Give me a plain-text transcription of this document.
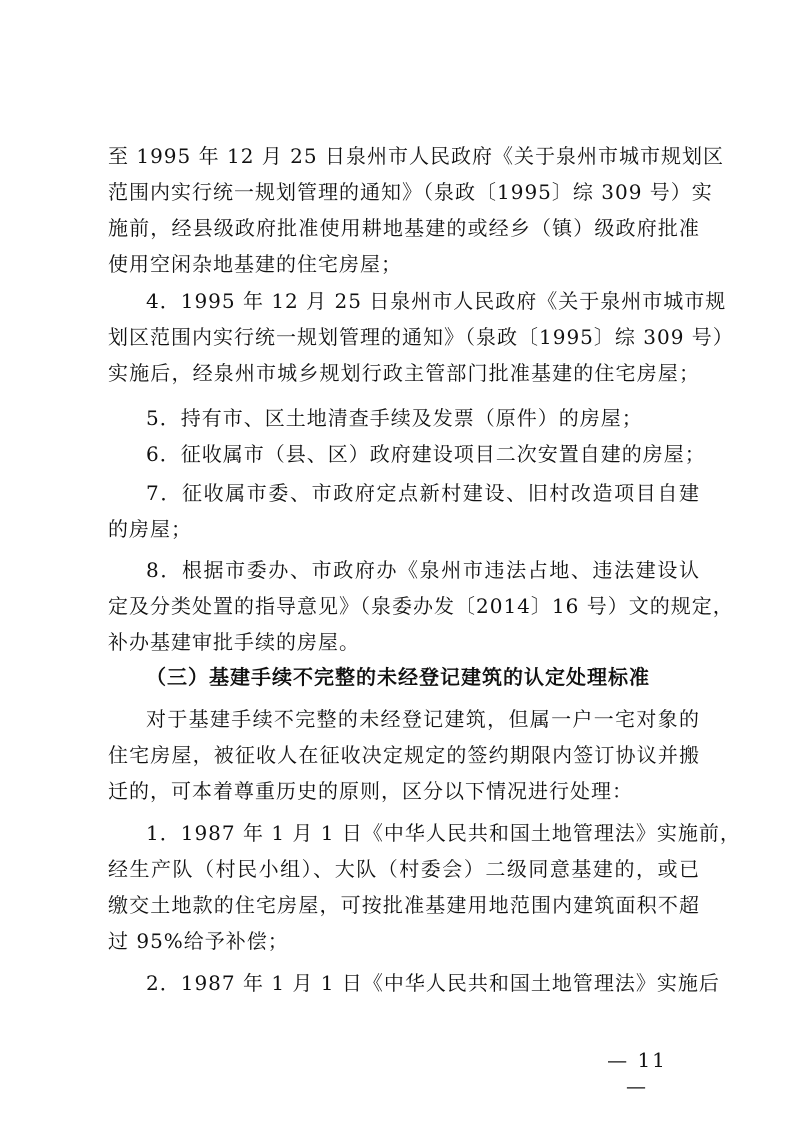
至 1995 年 12 月 25 日泉州市人民政府《关于泉州市城市规划区
范围内实行统一规划管理的通知》（泉政〔1995〕综 309 号）实
施前，经县级政府批准使用耕地基建的或经乡（镇）级政府批准
使用空闲杂地基建的住宅房屋；
4．1995 年 12 月 25 日泉州市人民政府《关于泉州市城市规
划区范围内实行统一规划管理的通知》（泉政〔1995〕综 309 号）
实施后，经泉州市城乡规划行政主管部门批准基建的住宅房屋；
5．持有市、区土地清查手续及发票（原件）的房屋；
6．征收属市（县、区）政府建设项目二次安置自建的房屋；
7．征收属市委、市政府定点新村建设、旧村改造项目自建
的房屋；
8．根据市委办、市政府办《泉州市违法占地、违法建设认
定及分类处置的指导意见》（泉委办发〔2014〕16 号）文的规定，
补办基建审批手续的房屋。
（三）基建手续不完整的未经登记建筑的认定处理标准
对于基建手续不完整的未经登记建筑，但属一户一宅对象的
住宅房屋，被征收人在征收决定规定的签约期限内签订协议并搬
迁的，可本着尊重历史的原则，区分以下情况进行处理：
1．1987 年 1 月 1 日《中华人民共和国土地管理法》实施前，
经生产队（村民小组）、大队（村委会）二级同意基建的，或已
缴交土地款的住宅房屋，可按批准基建用地范围内建筑面积不超
过 95%给予补偿；
2．1987 年 1 月 1 日《中华人民共和国土地管理法》实施后
— 11 —
